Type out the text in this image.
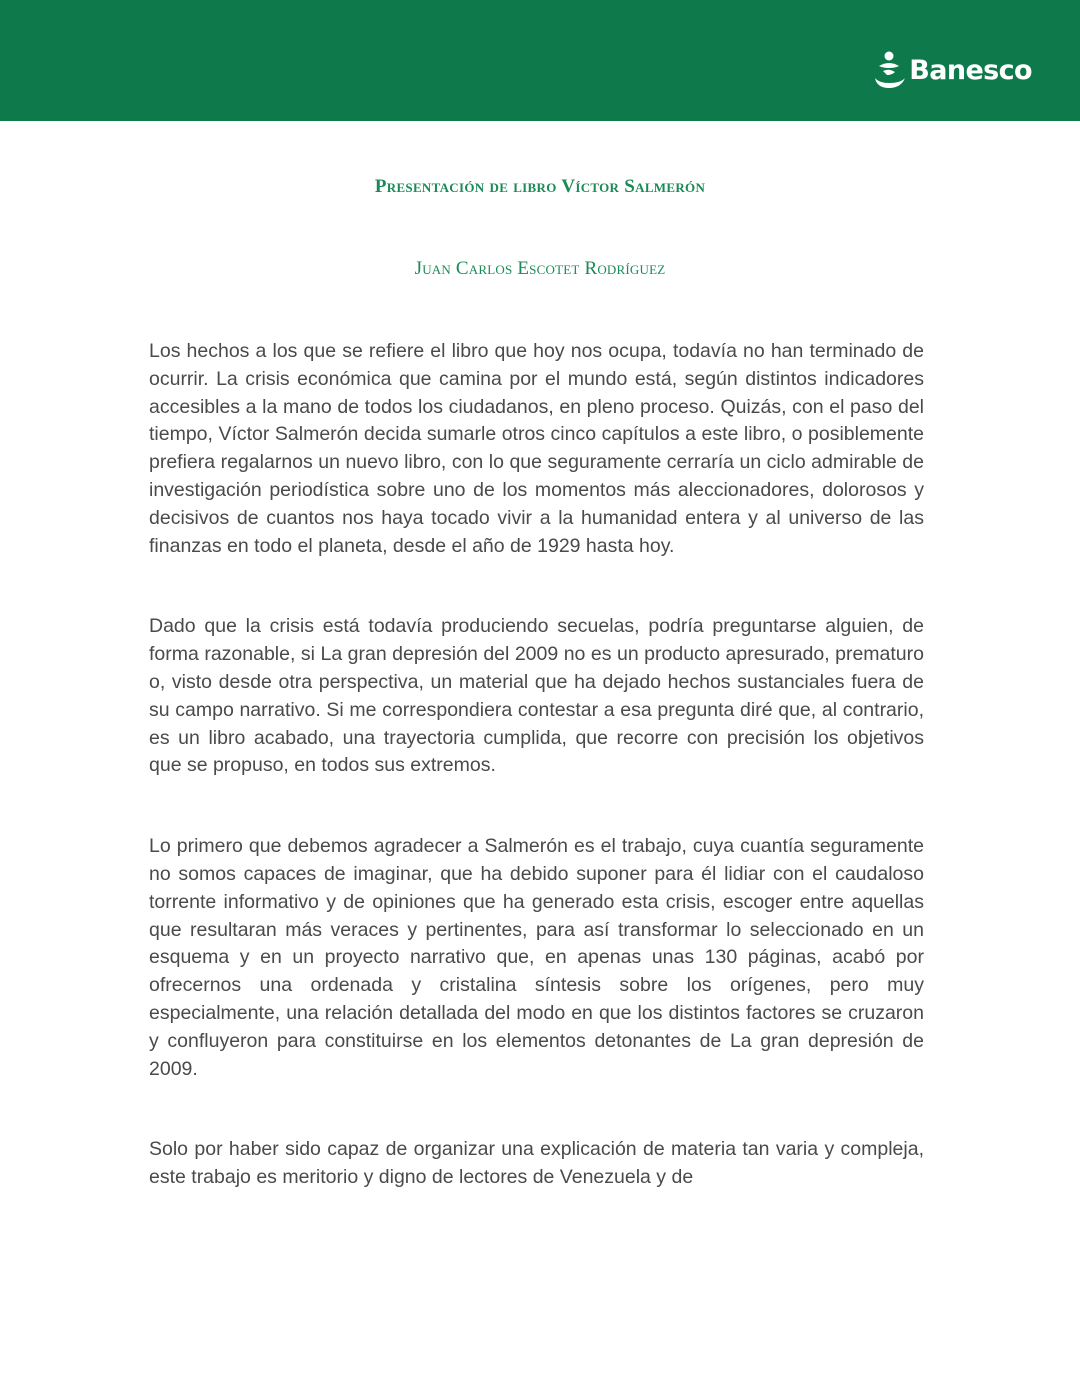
Banesco
Presentación de libro Víctor Salmerón
Juan Carlos Escotet Rodríguez

Los hechos a los que se refiere el libro que hoy nos ocupa, todavía no han terminado de ocurrir. La crisis económica que camina por el mundo está, según distintos indicadores accesibles a la mano de todos los ciudadanos, en pleno proceso. Quizás, con el paso del tiempo, Víctor Salmerón decida sumarle otros cinco capítulos a este libro, o posiblemente prefiera regalarnos un nuevo libro, con lo que seguramente cerraría un ciclo admirable de investigación periodística sobre uno de los momentos más aleccionadores, dolorosos y decisivos de cuantos nos haya tocado vivir a la humanidad entera y al universo de las finanzas en todo el planeta, desde el año de 1929 hasta hoy.

Dado que la crisis está todavía produciendo secuelas, podría preguntarse alguien, de forma razonable, si La gran depresión del 2009 no es un producto apresurado, prematuro o, visto desde otra perspectiva, un material que ha dejado hechos sustanciales fuera de su campo narrativo. Si me correspondiera contestar a esa pregunta diré que, al contrario, es un libro acabado, una trayectoria cumplida, que recorre con precisión los objetivos que se propuso, en todos sus extremos.

Lo primero que debemos agradecer a Salmerón es el trabajo, cuya cuantía seguramente no somos capaces de imaginar, que ha debido suponer para él lidiar con el caudaloso torrente informativo y de opiniones que ha generado esta crisis, escoger entre aquellas que resultaran más veraces y pertinentes, para así transformar lo seleccionado en un esquema y en un proyecto narrativo que, en apenas unas 130 páginas, acabó por ofrecernos una ordenada y cristalina síntesis sobre los orígenes, pero muy especialmente, una relación detallada del modo en que los distintos factores se cruzaron y confluyeron para constituirse en los elementos detonantes de La gran depresión de 2009.

Solo por haber sido capaz de organizar una explicación de materia tan varia y compleja, este trabajo es meritorio y digno de lectores de Venezuela y de
